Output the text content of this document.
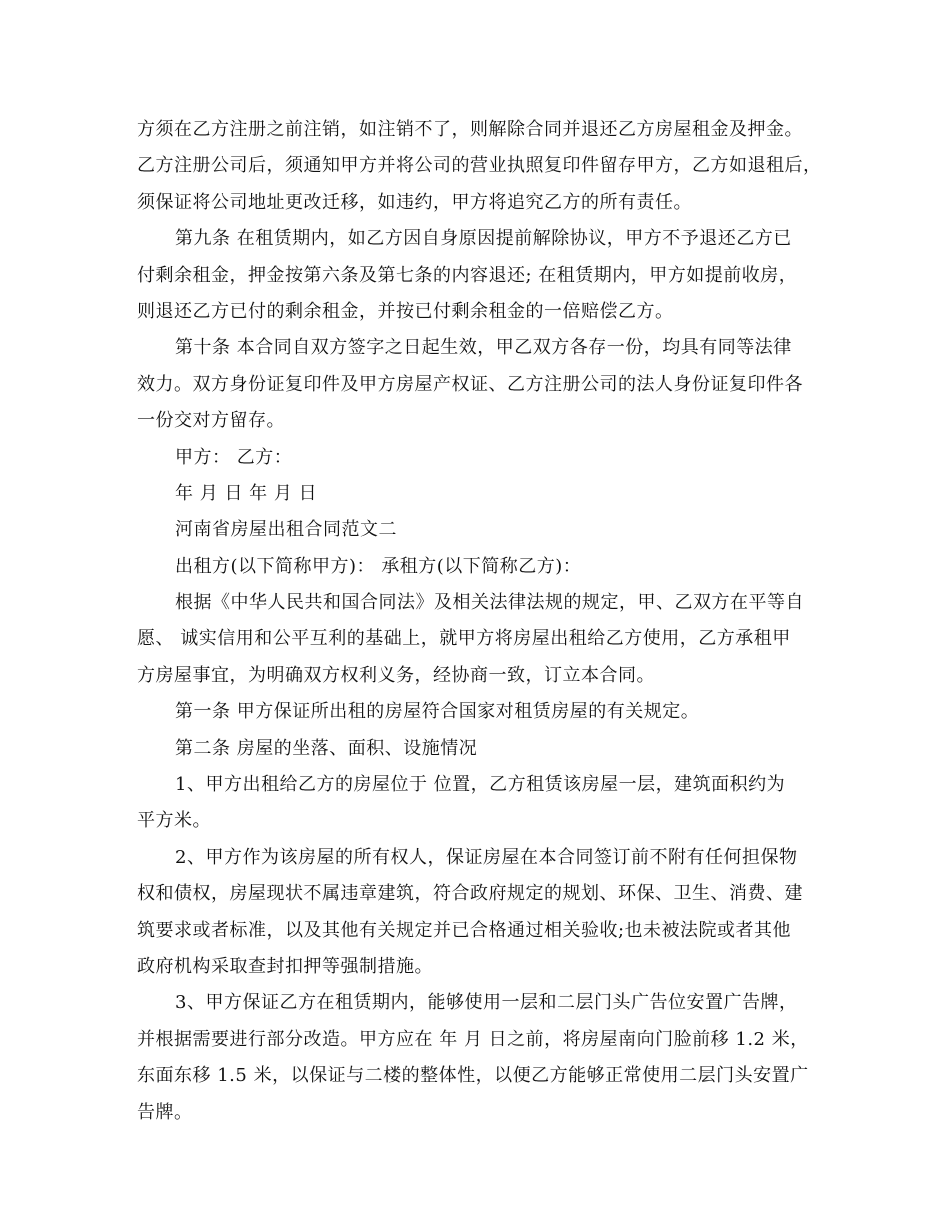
方须在乙方注册之前注销，如注销不了，则解除合同并退还乙方房屋租金及押金。
乙方注册公司后，须通知甲方并将公司的营业执照复印件留存甲方，乙方如退租后，
须保证将公司地址更改迁移，如违约，甲方将追究乙方的所有责任。
第九条 在租赁期内，如乙方因自身原因提前解除协议，甲方不予退还乙方已
付剩余租金，押金按第六条及第七条的内容退还; 在租赁期内，甲方如提前收房，
则退还乙方已付的剩余租金，并按已付剩余租金的一倍赔偿乙方。
第十条 本合同自双方签字之日起生效，甲乙双方各存一份，均具有同等法律
效力。双方身份证复印件及甲方房屋产权证、乙方注册公司的法人身份证复印件各
一份交对方留存。
甲方： 乙方：
年 月 日 年 月 日
河南省房屋出租合同范文二
出租方(以下简称甲方)： 承租方(以下简称乙方)：
根据《中华人民共和国合同法》及相关法律法规的规定，甲、乙双方在平等自
愿、 诚实信用和公平互利的基础上，就甲方将房屋出租给乙方使用，乙方承租甲
方房屋事宜，为明确双方权利义务，经协商一致，订立本合同。
第一条 甲方保证所出租的房屋符合国家对租赁房屋的有关规定。
第二条 房屋的坐落、面积、设施情况
1、甲方出租给乙方的房屋位于 位置，乙方租赁该房屋一层，建筑面积约为
平方米。
2、甲方作为该房屋的所有权人，保证房屋在本合同签订前不附有任何担保物
权和债权，房屋现状不属违章建筑，符合政府规定的规划、环保、卫生、消费、建
筑要求或者标准，以及其他有关规定并已合格通过相关验收;也未被法院或者其他
政府机构采取查封扣押等强制措施。
3、甲方保证乙方在租赁期内，能够使用一层和二层门头广告位安置广告牌，
并根据需要进行部分改造。甲方应在 年 月 日之前，将房屋南向门脸前移 1.2 米，
东面东移 1.5 米，以保证与二楼的整体性，以便乙方能够正常使用二层门头安置广
告牌。
